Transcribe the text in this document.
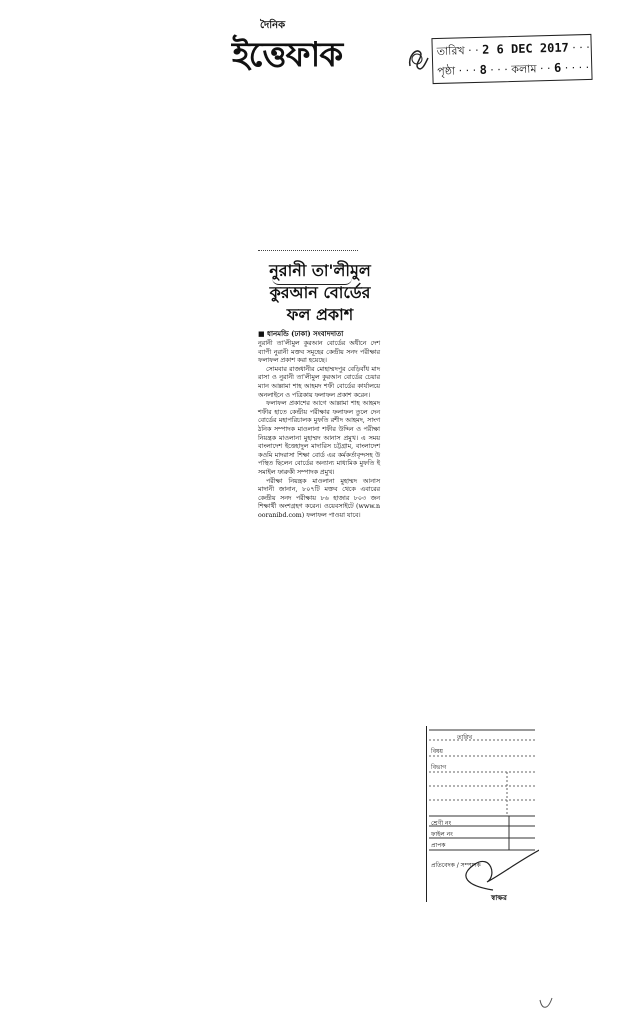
দৈনিক
ইত্তেফাক	তারিখ · · 2 6 DEC 2017 · · ·
পৃষ্ঠা · · · 8 · · · কলাম · · 6 · · · ·
নুরানী তা'লীমুল
কুরআন বোর্ডের
ফল প্রকাশ
■ ধানমন্ডি (ঢাকা) সংবাদদাতা

নুরানী তা'লীমুল কুরআন বোর্ডের অধীনে দেশব্যাপী নুরানী মক্তব সমূহের কেন্দ্রীয় সনদ পরীক্ষার ফলাফল প্রকাশ করা হয়েছে।

সোমবার রাজধানীর মোহাম্মদপুর বেড়িবাঁধ মাদরাসা ও নুরানী তা'লীমুল কুরআন বোর্ডের চেয়ারম্যান আল্লামা শাহ আহমদ শফী বোর্ডের কার্যালয়ে অনলাইনে ও পত্রিকায় ফলাফল প্রকাশ করেন।

ফলাফল প্রকাশের আগে আল্লামা শাহ আহমদ শফীর হাতে কেন্দ্রীয় পরীক্ষার ফলাফল তুলে দেন বোর্ডের মহাপরিচালক মুফতি রশীদ আহমদ, সাংগঠনিক সম্পাদক মাওলানা শফীর উদ্দিন ও পরীক্ষা নিয়ন্ত্রক মাওলানা মুহাম্মদ আনাস প্রমুখ। এ সময় বাংলাদেশ ইত্তেহাদুল মাদারিস চট্টগ্রাম, বাংলাদেশ কওমি মাদরাসা শিক্ষা বোর্ড এর কর্মকর্তাবৃন্দসহ উপস্থিত ছিলেন বোর্ডের অন্যান্য মাধ্যমিক মুফতি ইসমাইল ফারুকী সম্পাদক প্রমুখ।

পরীক্ষা নিয়ন্ত্রক মাওলানা মুহাম্মদ আনাস মাদানী জানান, ৮০৭টি মক্তব থেকে এবারের কেন্দ্রীয় সনদ পরীক্ষায় ৮৬ হাজার ৮০৩ জন শিক্ষার্থী অংশগ্রহণ করেন। ওয়েবসাইটে (www.nooranibd.com) ফলাফল পাওয়া যাবে।

তারিখ
বিষয়
বিভাগ
শ্রেণী নং
ফাইল নং
প্রাপক
প্রতিবেদক / সম্পাদক
স্বাক্ষর
